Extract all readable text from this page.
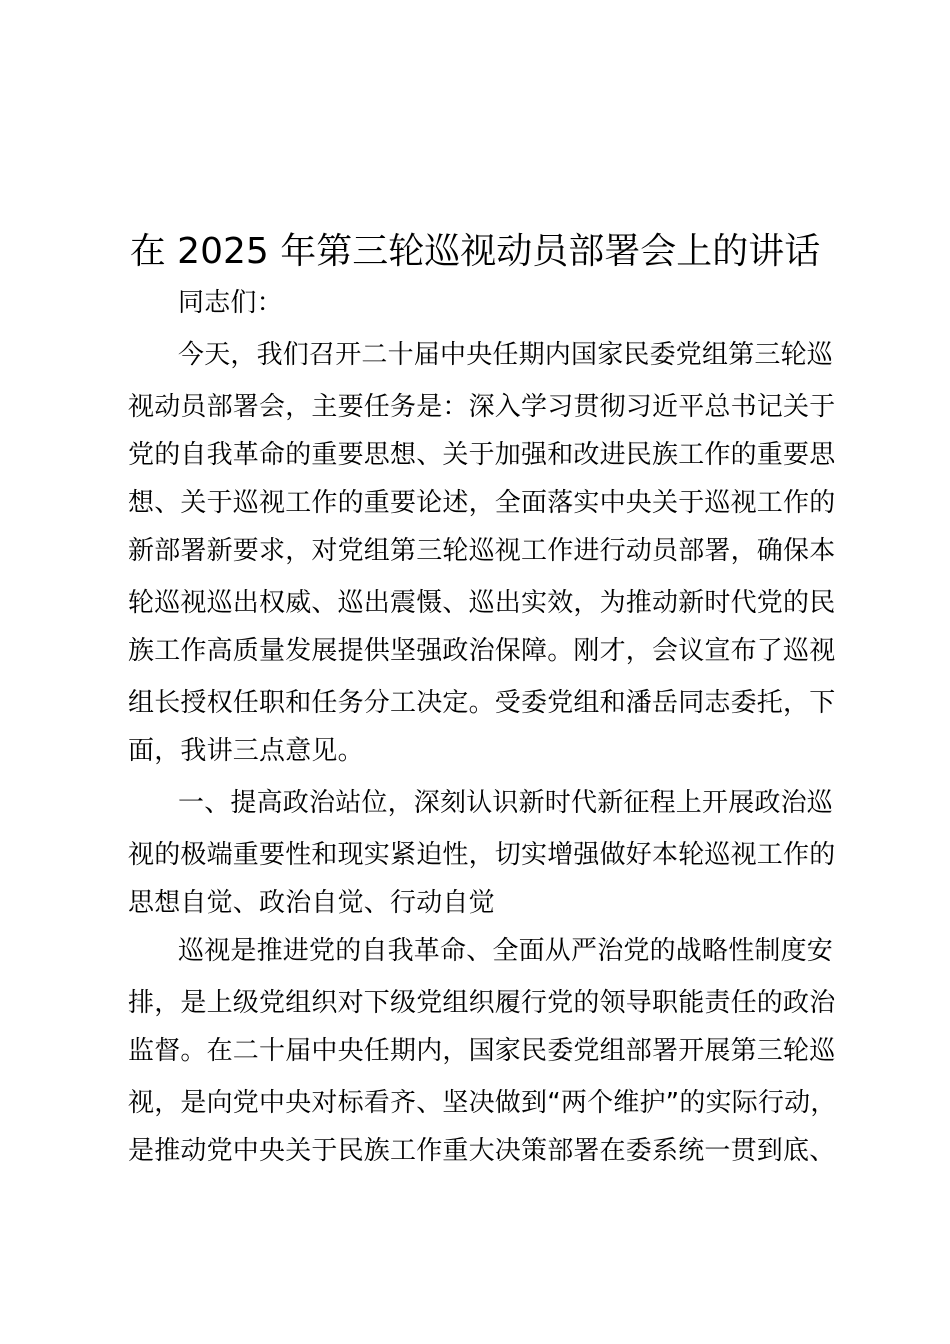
在 2025 年第三轮巡视动员部署会上的讲话
同志们：
今天，我们召开二十届中央任期内国家民委党组第三轮巡
视动员部署会，主要任务是：深入学习贯彻习近平总书记关于
党的自我革命的重要思想、关于加强和改进民族工作的重要思
想、关于巡视工作的重要论述，全面落实中央关于巡视工作的
新部署新要求，对党组第三轮巡视工作进行动员部署，确保本
轮巡视巡出权威、巡出震慑、巡出实效，为推动新时代党的民
族工作高质量发展提供坚强政治保障。刚才，会议宣布了巡视
组长授权任职和任务分工决定。受委党组和潘岳同志委托，下
面，我讲三点意见。
一、提高政治站位，深刻认识新时代新征程上开展政治巡
视的极端重要性和现实紧迫性，切实增强做好本轮巡视工作的
思想自觉、政治自觉、行动自觉
巡视是推进党的自我革命、全面从严治党的战略性制度安
排，是上级党组织对下级党组织履行党的领导职能责任的政治
监督。在二十届中央任期内，国家民委党组部署开展第三轮巡
视，是向党中央对标看齐、坚决做到“两个维护”的实际行动，
是推动党中央关于民族工作重大决策部署在委系统一贯到底、
